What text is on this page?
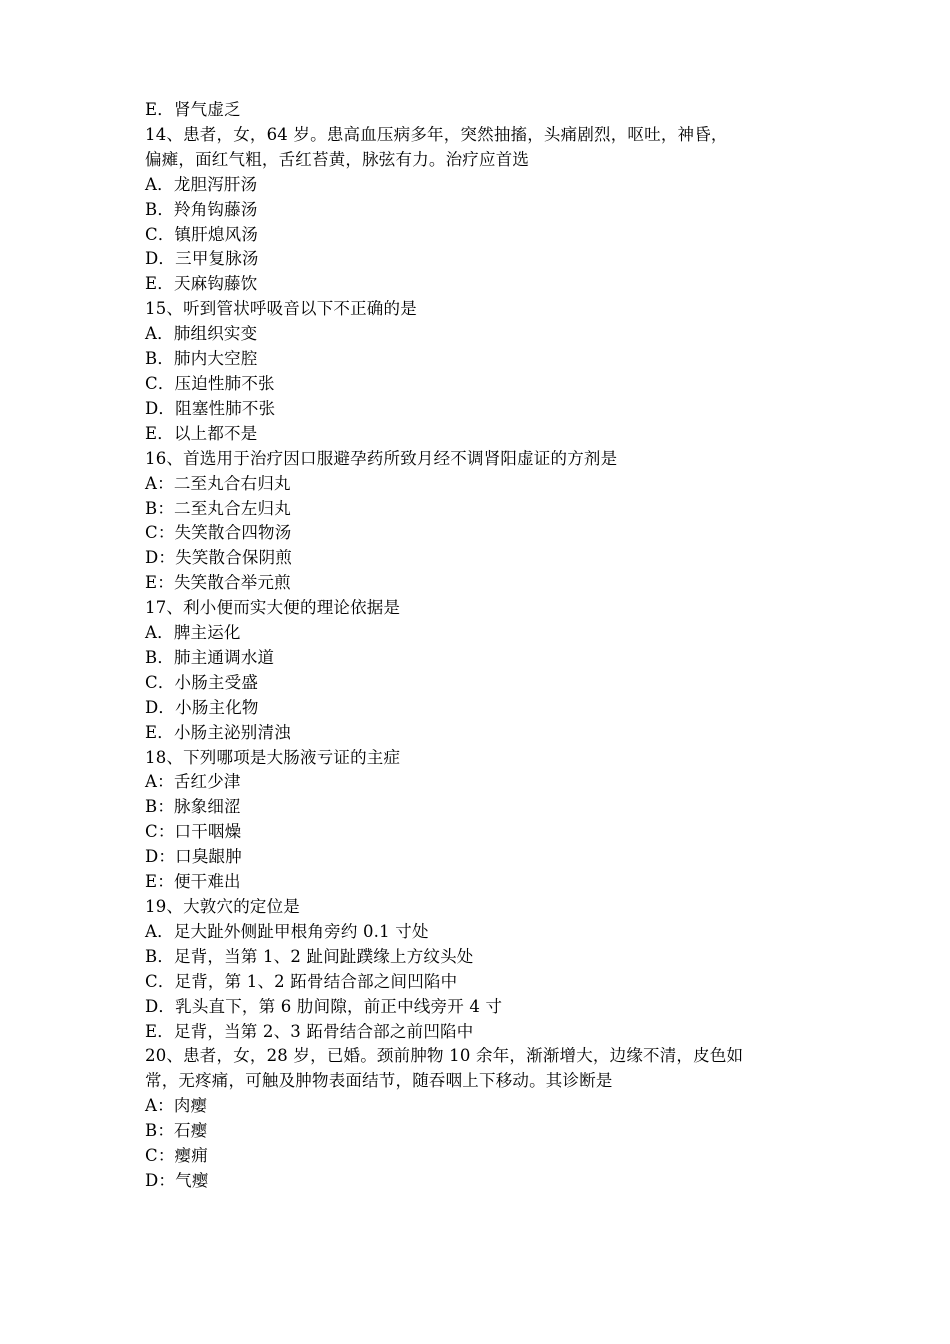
E．肾气虚乏
14、患者，女，64 岁。患高血压病多年，突然抽搐，头痛剧烈，呕吐，神昏，
偏瘫，面红气粗，舌红苔黄，脉弦有力。治疗应首选
A．龙胆泻肝汤
B．羚角钩藤汤
C．镇肝熄风汤
D．三甲复脉汤
E．天麻钩藤饮
15、听到管状呼吸音以下不正确的是
A．肺组织实变
B．肺内大空腔
C．压迫性肺不张
D．阻塞性肺不张
E．以上都不是
16、首选用于治疗因口服避孕药所致月经不调肾阳虚证的方剂是
A：二至丸合右归丸
B：二至丸合左归丸
C：失笑散合四物汤
D：失笑散合保阴煎
E：失笑散合举元煎
17、利小便而实大便的理论依据是
A．脾主运化
B．肺主通调水道
C．小肠主受盛
D．小肠主化物
E．小肠主泌别清浊
18、下列哪项是大肠液亏证的主症
A：舌红少津
B：脉象细涩
C：口干咽燥
D：口臭龈肿
E：便干难出
19、大敦穴的定位是
A．足大趾外侧趾甲根角旁约 0.1 寸处
B．足背，当第 1、2 趾间趾蹼缘上方纹头处
C．足背，第 1、2 跖骨结合部之间凹陷中
D．乳头直下，第 6 肋间隙，前正中线旁开 4 寸
E．足背，当第 2、3 跖骨结合部之前凹陷中
20、患者，女，28 岁，已婚。颈前肿物 10 余年，渐渐增大，边缘不清，皮色如
常，无疼痛，可触及肿物表面结节，随吞咽上下移动。其诊断是
A：肉瘿
B：石瘿
C：瘿痈
D：气瘿
